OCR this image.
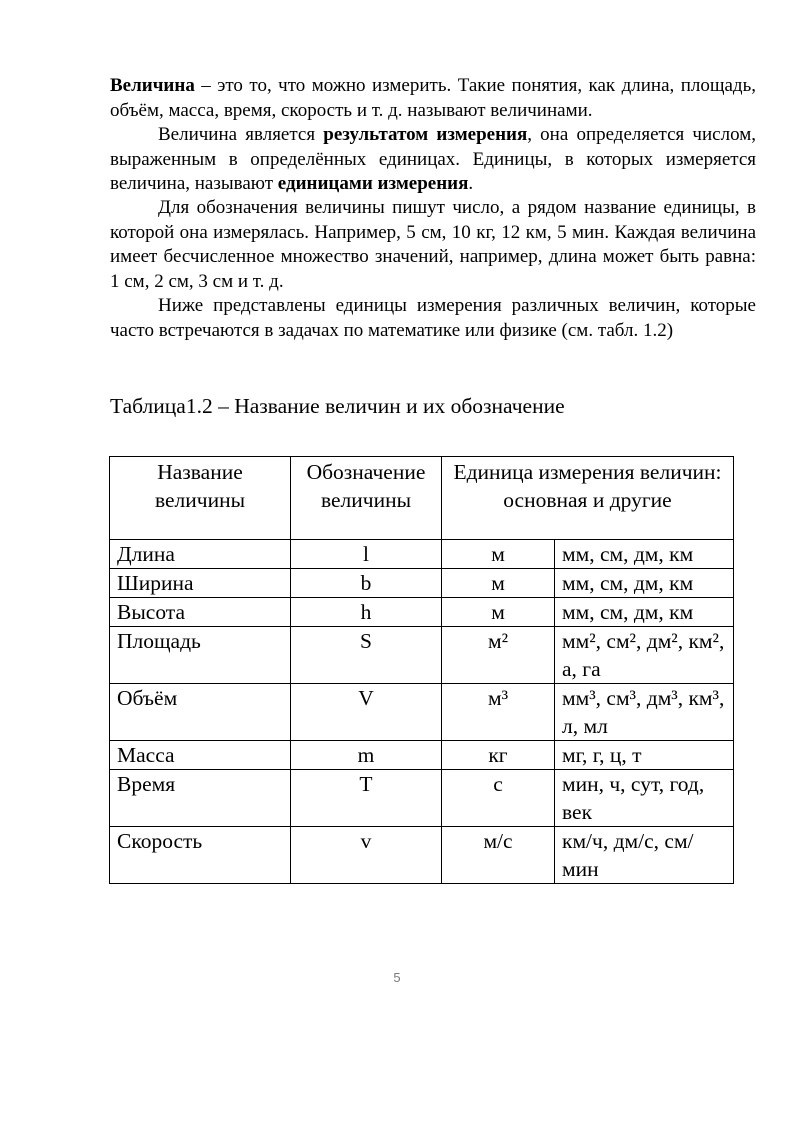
Величина – это то, что можно измерить. Такие понятия, как длина, площадь, объём, масса, время, скорость и т. д. называют величинами.

Величина является результатом измерения, она определяется числом, выраженным в определённых единицах. Единицы, в которых измеряется величина, называют единицами измерения.

Для обозначения величины пишут число, а рядом название единицы, в которой она измерялась. Например, 5 см, 10 кг, 12 км, 5 мин. Каждая величина имеет бесчисленное множество значений, например, длина может быть равна: 1 см, 2 см, 3 см и т. д.

Ниже представлены единицы измерения различных величин, которые часто встречаются в задачах по математике или физике (см. табл. 1.2)

Таблица1.2 – Название величин и их обозначение

Название величины	Обозначение величины	Единица измерения величин: основная и другие	
Длина	l	м	мм, см, дм, км
Ширина	b	м	мм, см, дм, км
Высота	h	м	мм, см, дм, км
Площадь	S	м²	мм², см², дм², км², а, га
Объём	V	м³	мм³, см³, дм³, км³, л, мл
Масса	m	кг	мг, г, ц, т
Время	T	с	мин, ч, сут, год, век
Скорость	v	м/с	км/ч, дм/с, см/мин
5
